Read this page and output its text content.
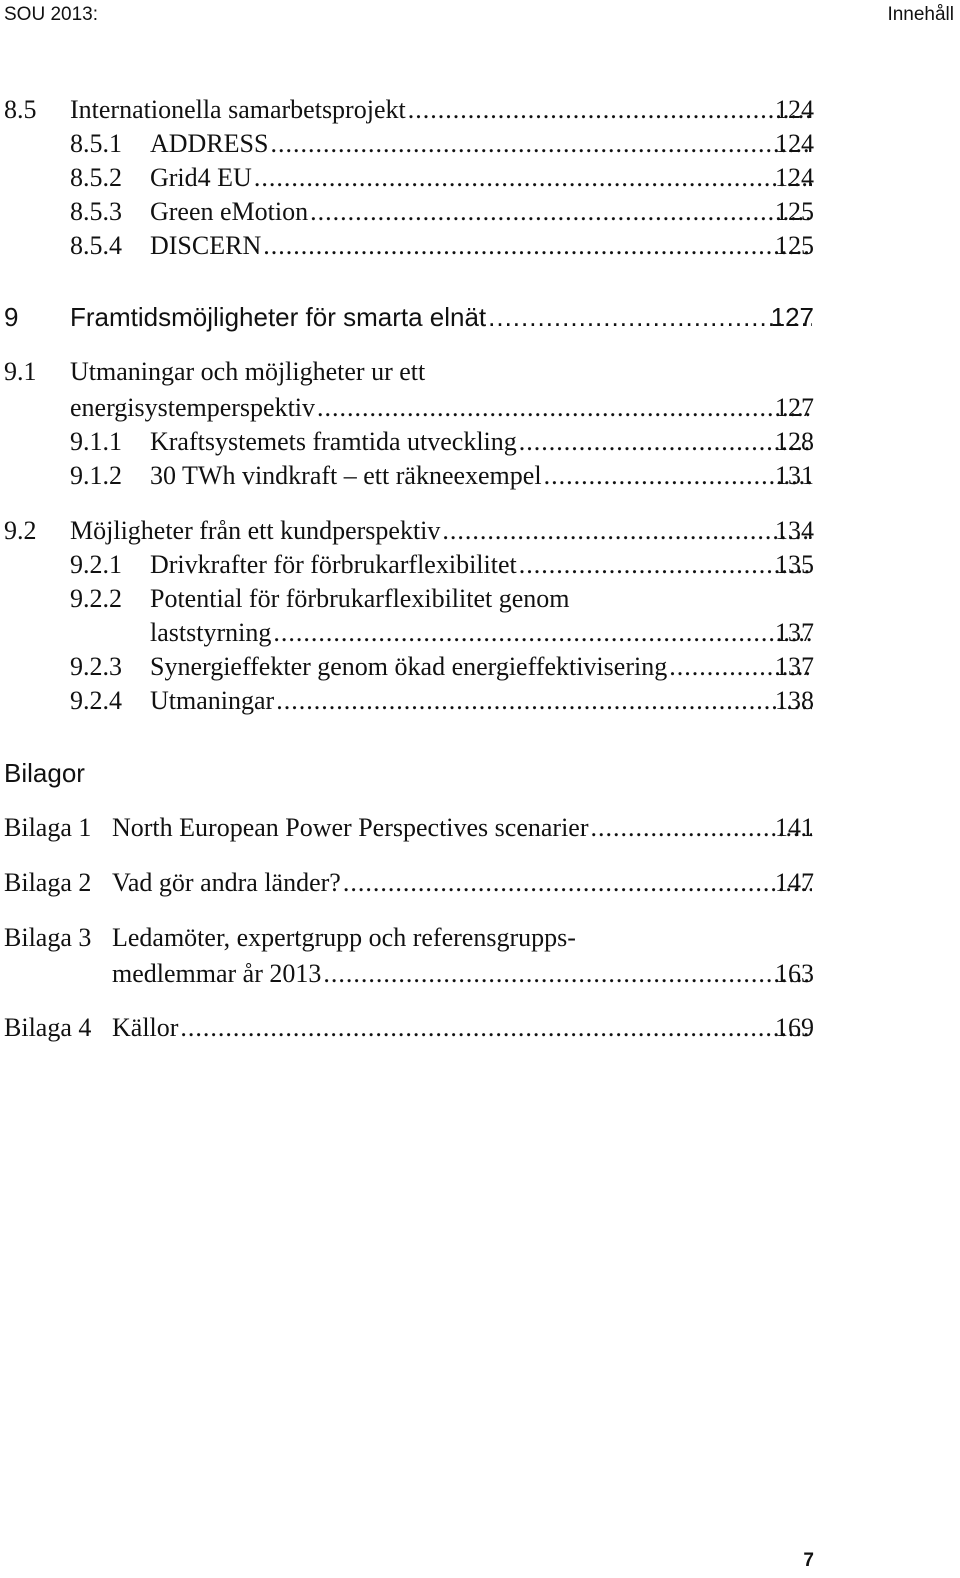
SOU 2013:	Innehåll
8.5 Internationella samarbetsprojekt .....	124
8.5.1 ADDRESS .....	124
8.5.2 Grid4 EU .....	124
8.5.3 Green eMotion .....	125
8.5.4 DISCERN .....	125
9 Framtidsmöjligheter för smarta elnät .....	127
9.1 Utmaningar och möjligheter ur ett
energisystemperspektiv .....	127
9.1.1 Kraftsystemets framtida utveckling .....	128
9.1.2 30 TWh vindkraft – ett räkneexempel .....	131
9.2 Möjligheter från ett kundperspektiv .....	134
9.2.1 Drivkrafter för förbrukarflexibilitet .....	135
9.2.2 Potential för förbrukarflexibilitet genom
laststyrning .....	137
9.2.3 Synergieffekter genom ökad energieffektivisering .....	137
9.2.4 Utmaningar .....	138
Bilagor
Bilaga 1 North European Power Perspectives scenarier .....	141
Bilaga 2 Vad gör andra länder? .....	147
Bilaga 3 Ledamöter, expertgrupp och referensgrupps-
medlemmar år 2013 .....	163
Bilaga 4 Källor .....	169
7
